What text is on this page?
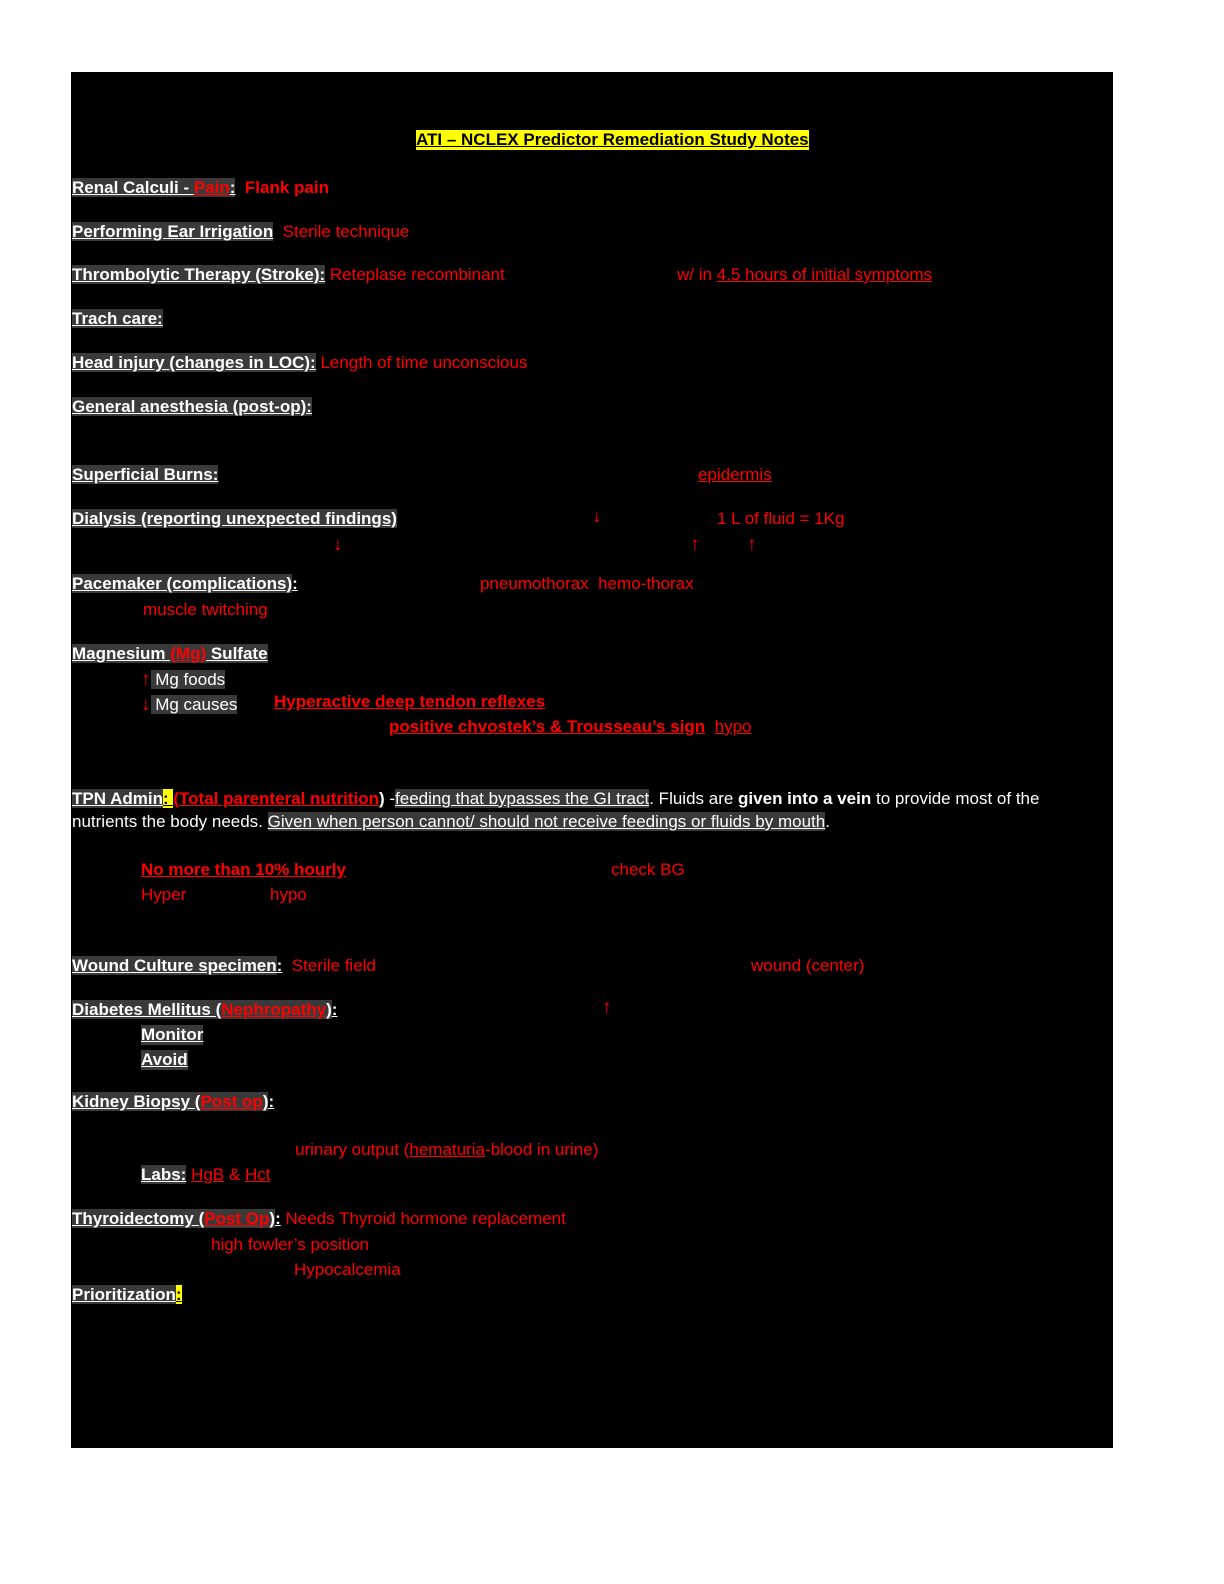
ATI – NCLEX Predictor Remediation Study Notes
Renal Calculi - Pain: Flank pain
Performing Ear Irrigation Sterile technique
Thrombolytic Therapy (Stroke): Reteplase recombinant	w/ in 4.5 hours of initial symptoms
Trach care:
Head injury (changes in LOC): Length of time unconscious
General anesthesia (post-op):
Superficial Burns:	epidermis
Dialysis (reporting unexpected findings)	↓	1 L of fluid = 1Kg
↓	↑	↑
Pacemaker (complications):	pneumothorax  hemo-thorax
muscle twitching
Magnesium (Mg) Sulfate
↑ Mg foods
↓ Mg causes Hyperactive deep tendon reflexes
positive chvostek’s & Trousseau’s sign hypo
TPN Admin: (Total parenteral nutrition) -feeding that bypasses the GI tract. Fluids are given into a vein to provide most of the nutrients the body needs. Given when person cannot/ should not receive feedings or fluids by mouth.
No more than 10% hourly	check BG
Hyper	hypo
Wound Culture specimen: Sterile field	wound (center)
Diabetes Mellitus (Nephropathy):	↑
Monitor
Avoid
Kidney Biopsy (Post op):
urinary output (hematuria-blood in urine)
Labs: HgB & Hct
Thyroidectomy (Post Op): Needs Thyroid hormone replacement
high fowler’s position
Hypocalcemia
Prioritization:
